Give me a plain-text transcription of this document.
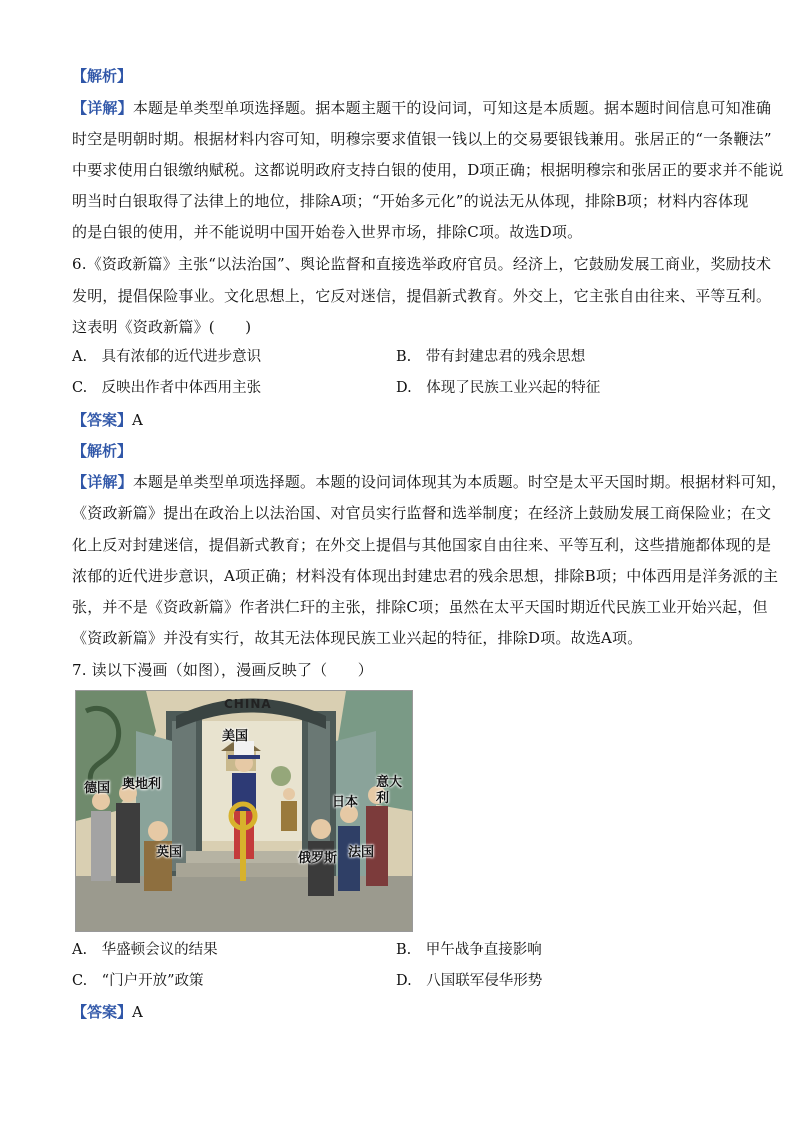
【解析】
【详解】本题是单类型单项选择题。据本题主题干的设问词，可知这是本质题。据本题时间信息可知准确
时空是明朝时期。根据材料内容可知，明穆宗要求值银一钱以上的交易要银钱兼用。张居正的“一条鞭法”
中要求使用白银缴纳赋税。这都说明政府支持白银的使用，D项正确；根据明穆宗和张居正的要求并不能说
明当时白银取得了法律上的地位，排除A项；“开始多元化”的说法无从体现，排除B项；材料内容体现
的是白银的使用，并不能说明中国开始卷入世界市场，排除C项。故选D项。
6.《资政新篇》主张“以法治国”、舆论监督和直接选举政府官员。经济上，它鼓励发展工商业，奖励技术
发明，提倡保险事业。文化思想上，它反对迷信，提倡新式教育。外交上，它主张自由往来、平等互利。
这表明《资政新篇》(　　)
A.　具有浓郁的近代进步意识	B.　带有封建忠君的残余思想
C.　反映出作者中体西用主张	D.　体现了民族工业兴起的特征
【答案】A
【解析】
【详解】本题是单类型单项选择题。本题的设问词体现其为本质题。时空是太平天国时期。根据材料可知，
《资政新篇》提出在政治上以法治国、对官员实行监督和选举制度；在经济上鼓励发展工商保险业；在文
化上反对封建迷信，提倡新式教育；在外交上提倡与其他国家自由往来、平等互利，这些措施都体现的是
浓郁的近代进步意识，A项正确；材料没有体现出封建忠君的残余思想，排除B项；中体西用是洋务派的主
张，并不是《资政新篇》作者洪仁玕的主张，排除C项；虽然在太平天国时期近代民族工业开始兴起，但
《资政新篇》并没有实行，故其无法体现民族工业兴起的特征，排除D项。故选A项。
7. 读以下漫画（如图），漫画反映了（　　）
CHINA
美国
德国 奥地利
英国
日本
意大利
俄罗斯 法国
A.　华盛顿会议的结果	B.　甲午战争直接影响
C.　“门户开放”政策	D.　八国联军侵华形势
【答案】A
